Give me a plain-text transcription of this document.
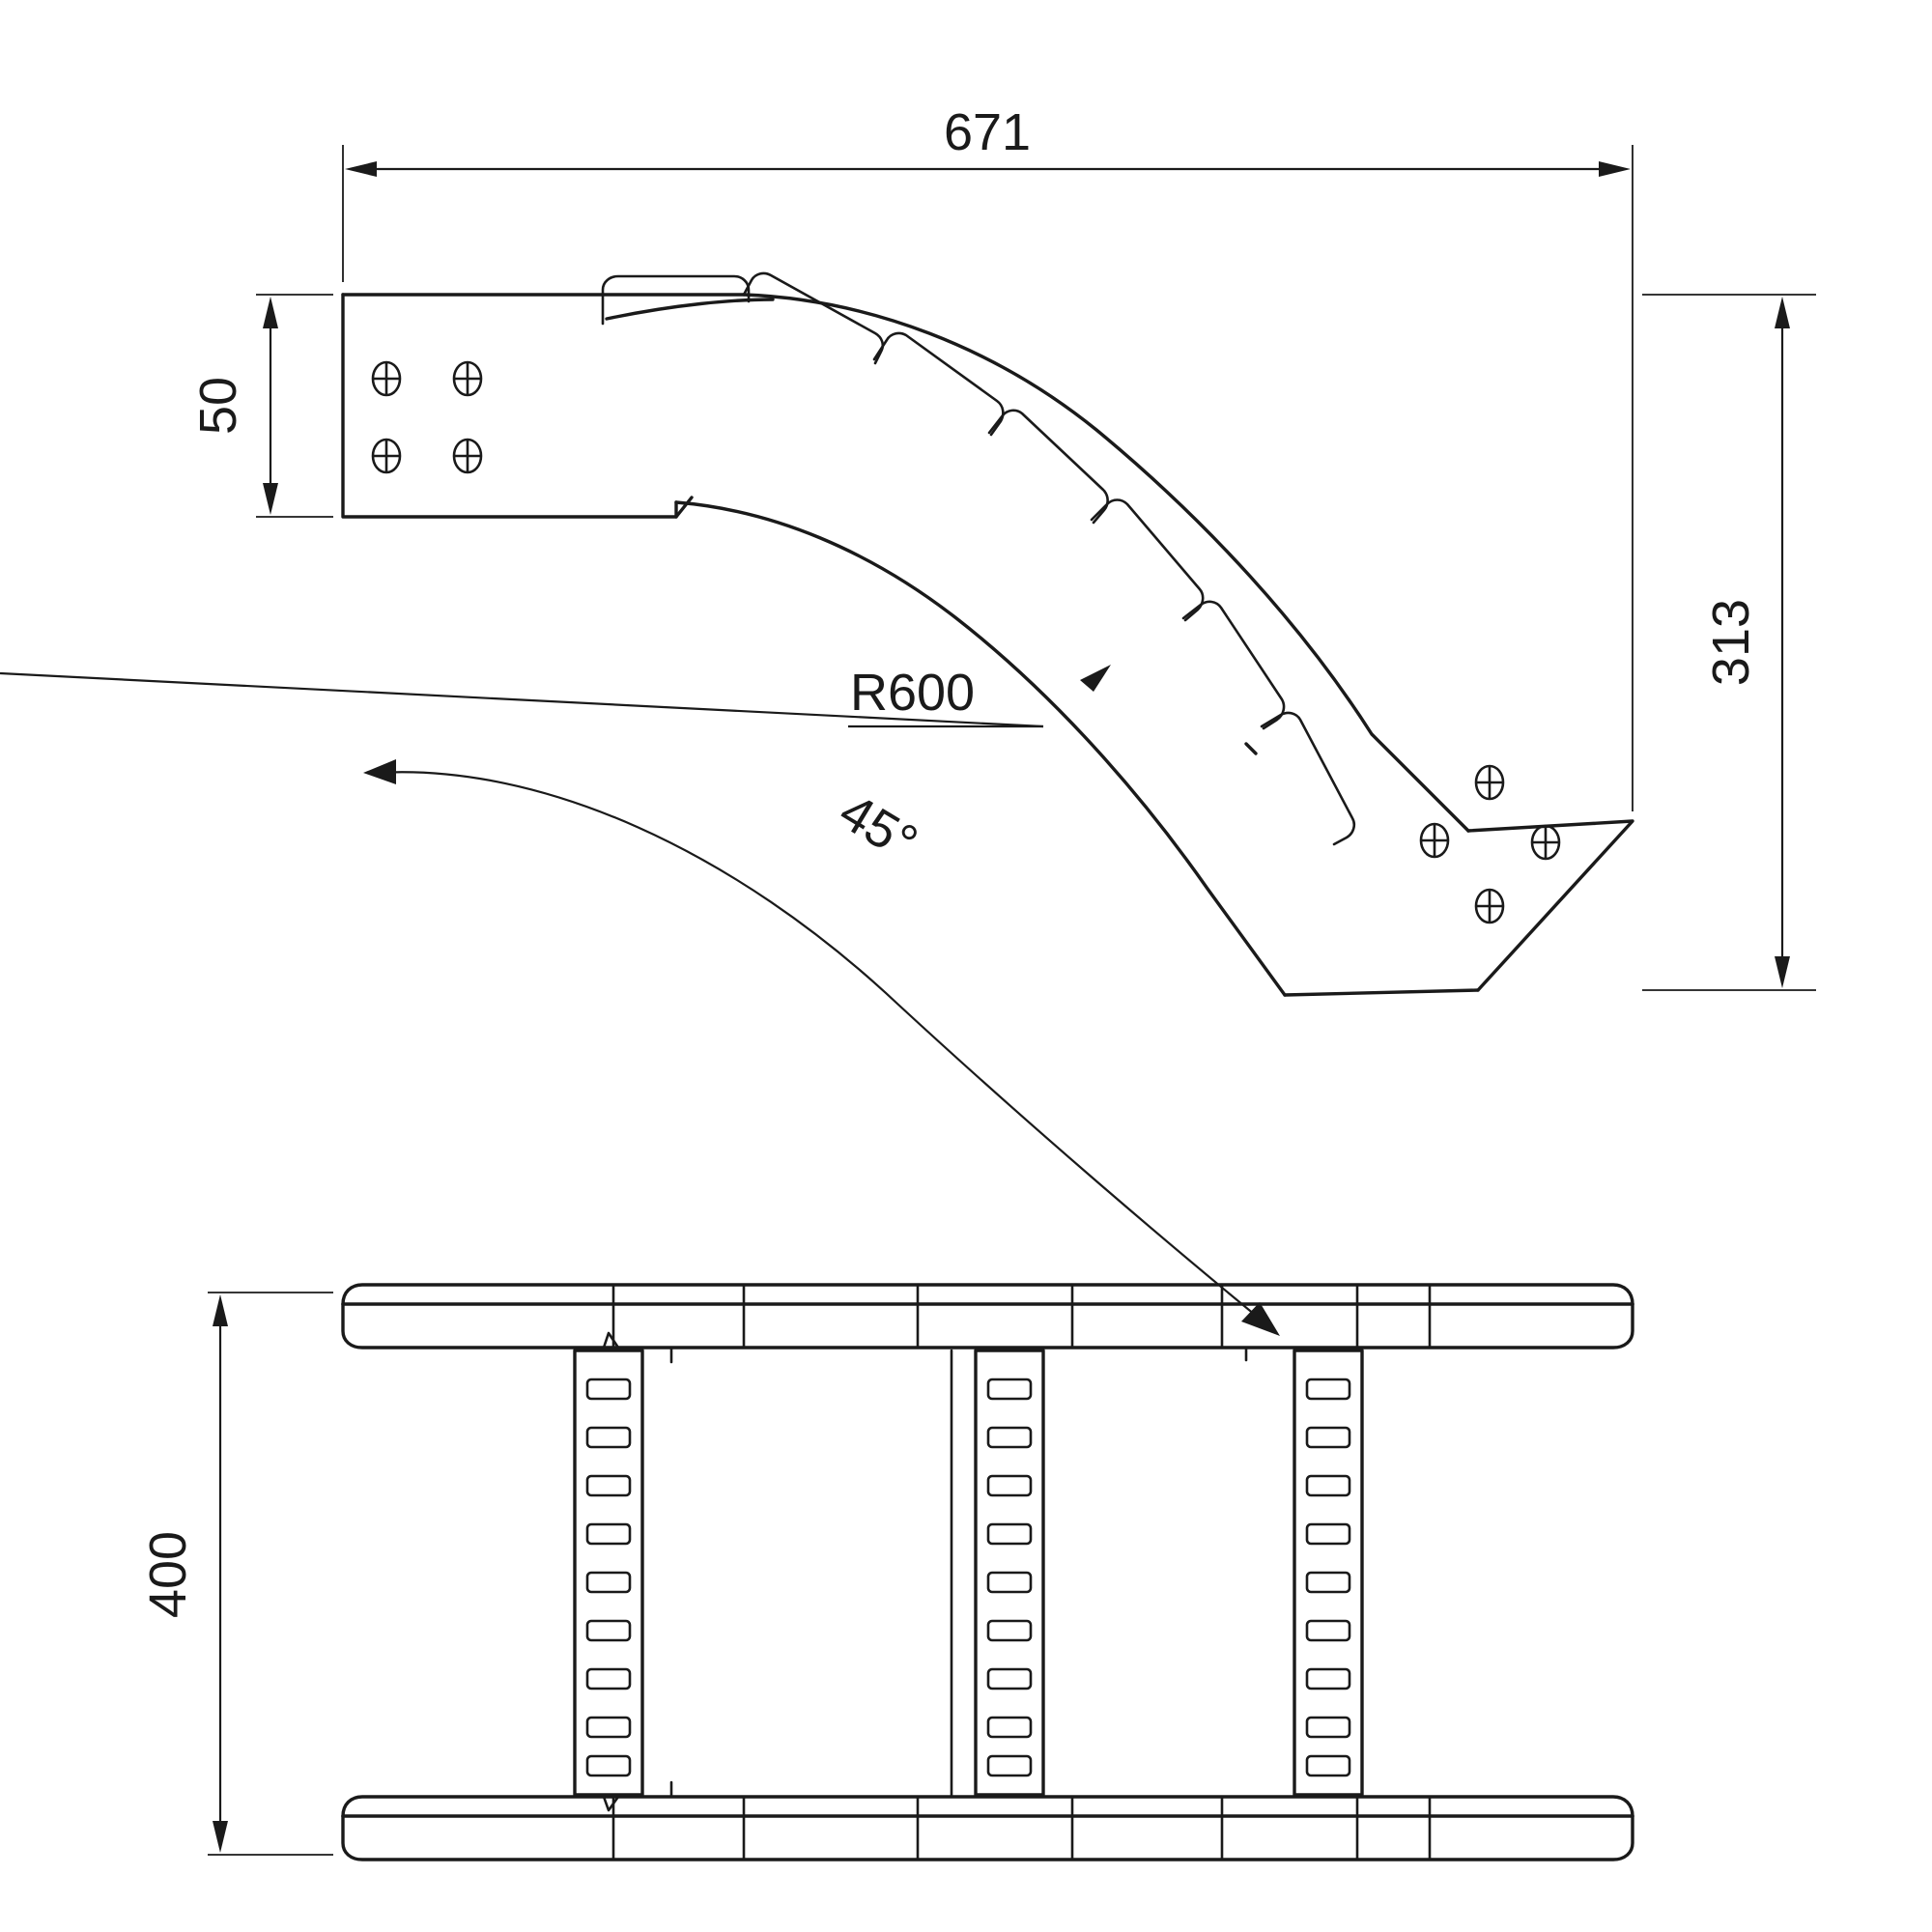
671
50
313
R600
45°
400
